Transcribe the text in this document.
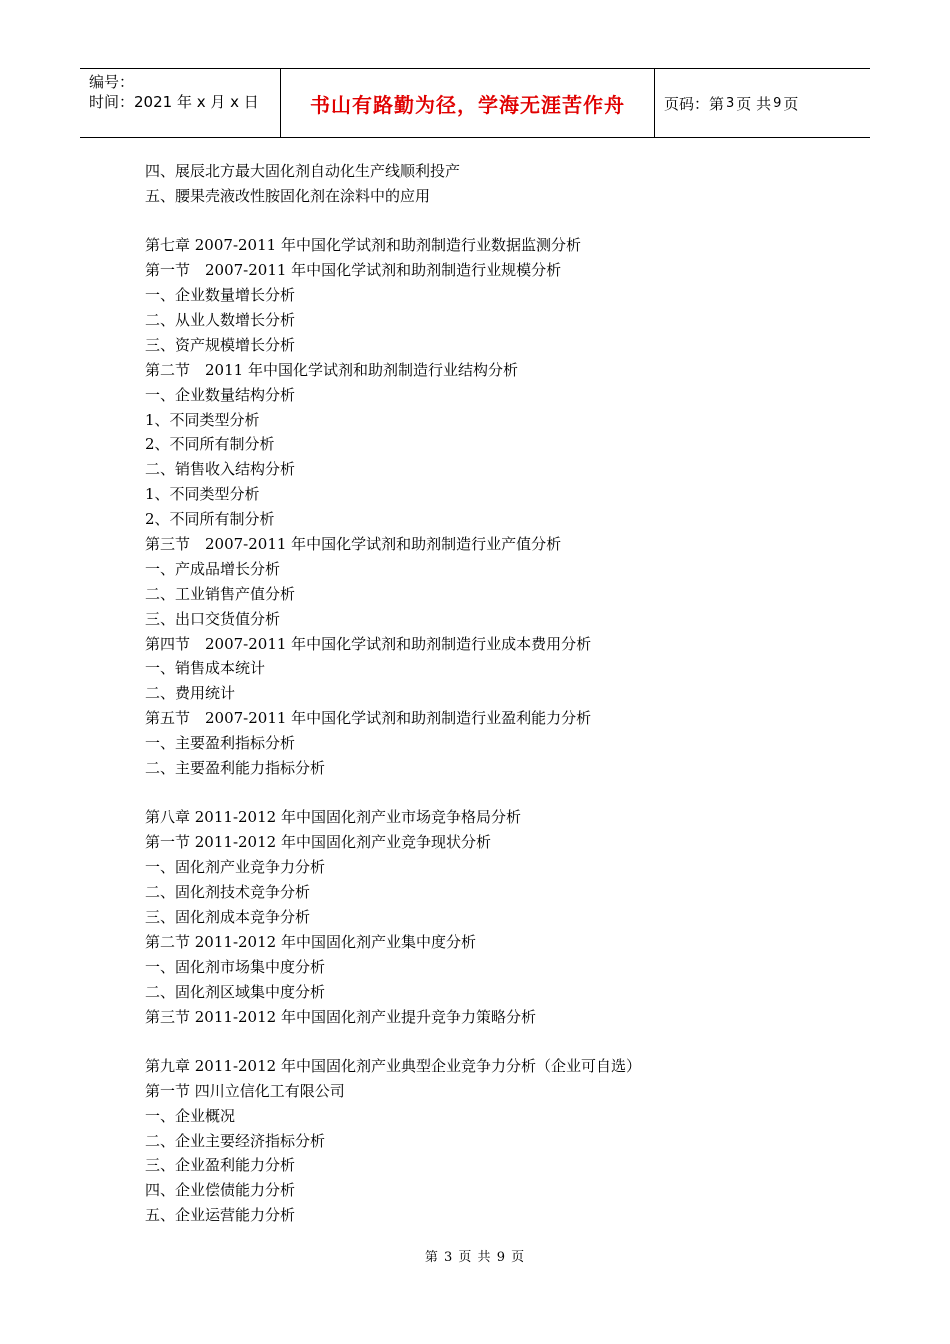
编号：
时间：2021 年 x 月 x 日	书山有路勤为径，学海无涯苦作舟	页码：第 3 页 共 9 页
四、展辰北方最大固化剂自动化生产线顺利投产
五、腰果壳液改性胺固化剂在涂料中的应用
第七章 2007-2011 年中国化学试剂和助剂制造行业数据监测分析
第一节　2007-2011 年中国化学试剂和助剂制造行业规模分析
一、企业数量增长分析
二、从业人数增长分析
三、资产规模增长分析
第二节　2011 年中国化学试剂和助剂制造行业结构分析
一、企业数量结构分析
1、不同类型分析
2、不同所有制分析
二、销售收入结构分析
1、不同类型分析
2、不同所有制分析
第三节　2007-2011 年中国化学试剂和助剂制造行业产值分析
一、产成品增长分析
二、工业销售产值分析
三、出口交货值分析
第四节　2007-2011 年中国化学试剂和助剂制造行业成本费用分析
一、销售成本统计
二、费用统计
第五节　2007-2011 年中国化学试剂和助剂制造行业盈利能力分析
一、主要盈利指标分析
二、主要盈利能力指标分析
第八章 2011-2012 年中国固化剂产业市场竞争格局分析
第一节 2011-2012 年中国固化剂产业竞争现状分析
一、固化剂产业竞争力分析
二、固化剂技术竞争分析
三、固化剂成本竞争分析
第二节 2011-2012 年中国固化剂产业集中度分析
一、固化剂市场集中度分析
二、固化剂区域集中度分析
第三节 2011-2012 年中国固化剂产业提升竞争力策略分析
第九章 2011-2012 年中国固化剂产业典型企业竞争力分析（企业可自选）
第一节 四川立信化工有限公司
一、企业概况
二、企业主要经济指标分析
三、企业盈利能力分析
四、企业偿债能力分析
五、企业运营能力分析
第 3 页 共 9 页
